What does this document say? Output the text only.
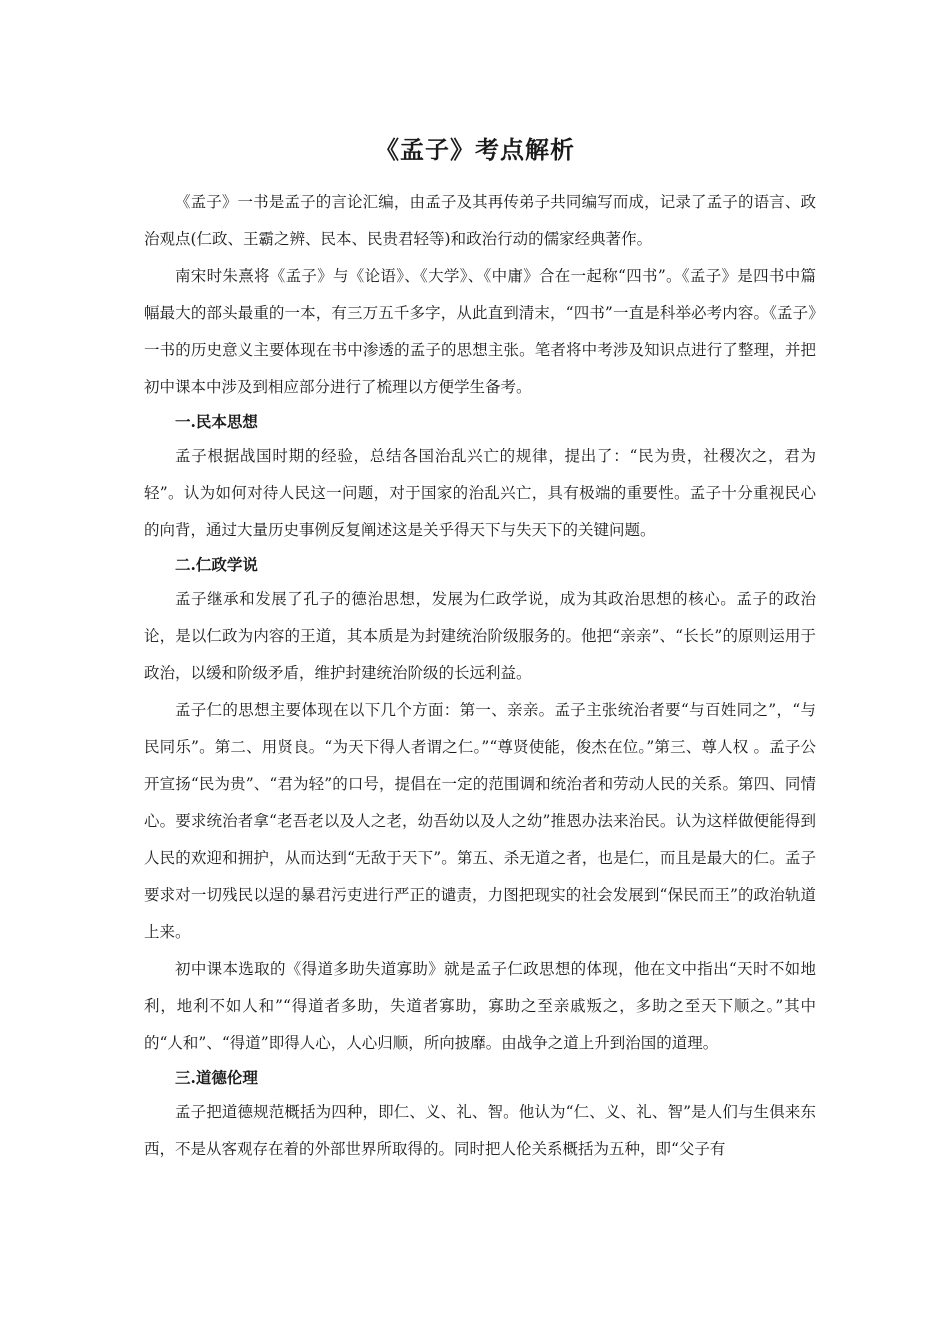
《孟子》考点解析

《孟子》一书是孟子的言论汇编，由孟子及其再传弟子共同编写而成，记录了孟子的语言、政治观点(仁政、王霸之辨、民本、民贵君轻等)和政治行动的儒家经典著作。

南宋时朱熹将《孟子》与《论语》、《大学》、《中庸》合在一起称“四书”。《孟子》是四书中篇幅最大的部头最重的一本，有三万五千多字，从此直到清末，“四书”一直是科举必考内容。《孟子》一书的历史意义主要体现在书中渗透的孟子的思想主张。笔者将中考涉及知识点进行了整理，并把初中课本中涉及到相应部分进行了梳理以方便学生备考。

一.民本思想

孟子根据战国时期的经验，总结各国治乱兴亡的规律，提出了：“民为贵，社稷次之，君为轻”。认为如何对待人民这一问题，对于国家的治乱兴亡，具有极端的重要性。孟子十分重视民心的向背，通过大量历史事例反复阐述这是关乎得天下与失天下的关键问题。

二.仁政学说

孟子继承和发展了孔子的德治思想，发展为仁政学说，成为其政治思想的核心。孟子的政治论，是以仁政为内容的王道，其本质是为封建统治阶级服务的。他把“亲亲”、“长长”的原则运用于政治，以缓和阶级矛盾，维护封建统治阶级的长远利益。

孟子仁的思想主要体现在以下几个方面：第一、亲亲。孟子主张统治者要“与百姓同之”，“与民同乐”。第二、用贤良。“为天下得人者谓之仁。”“尊贤使能，俊杰在位。”第三、尊人权 。孟子公开宣扬“民为贵”、“君为轻”的口号，提倡在一定的范围调和统治者和劳动人民的关系。第四、同情心。要求统治者拿“老吾老以及人之老，幼吾幼以及人之幼”推恩办法来治民。认为这样做便能得到人民的欢迎和拥护，从而达到“无敌于天下”。第五、杀无道之者，也是仁，而且是最大的仁。孟子要求对一切残民以逞的暴君污吏进行严正的谴责，力图把现实的社会发展到“保民而王”的政治轨道上来。

初中课本选取的《得道多助失道寡助》就是孟子仁政思想的体现，他在文中指出“天时不如地利，地利不如人和”“得道者多助，失道者寡助，寡助之至亲戚叛之，多助之至天下顺之。”其中的“人和”、“得道”即得人心，人心归顺，所向披靡。由战争之道上升到治国的道理。

三.道德伦理

孟子把道德规范概括为四种，即仁、义、礼、智。他认为“仁、义、礼、智”是人们与生俱来东西，不是从客观存在着的外部世界所取得的。同时把人伦关系概括为五种，即“父子有
